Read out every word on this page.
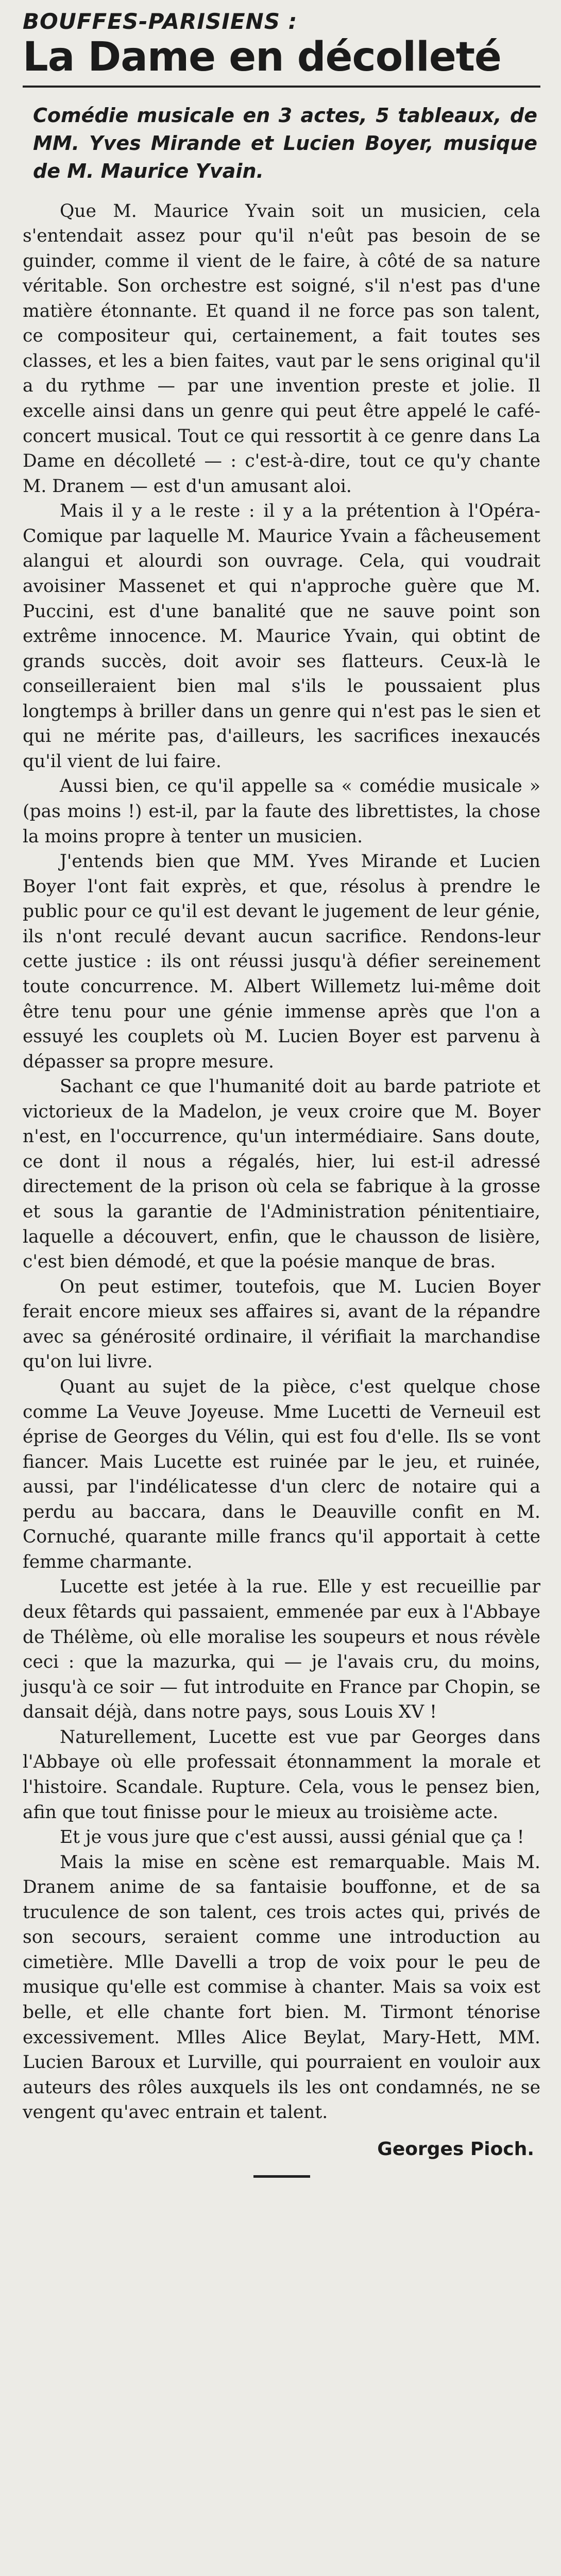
BOUFFES-PARISIENS :
La Dame en décolleté
Comédie musicale en 3 actes, 5 tableaux, de MM. Yves Mirande et Lucien Boyer, musique de M. Maurice Yvain.

Que M. Maurice Yvain soit un musicien, cela s'entendait assez pour qu'il n'eût pas besoin de se guinder, comme il vient de le faire, à côté de sa nature véritable. Son orchestre est soigné, s'il n'est pas d'une matière étonnante. Et quand il ne force pas son talent, ce compositeur qui, certainement, a fait toutes ses classes, et les a bien faites, vaut par le sens original qu'il a du rythme — par une invention preste et jolie. Il excelle ainsi dans un genre qui peut être appelé le café-concert musical. Tout ce qui ressortit à ce genre dans La Dame en décolleté — : c'est-à-dire, tout ce qu'y chante M. Dranem — est d'un amusant aloi.

Mais il y a le reste : il y a la prétention à l'Opéra-Comique par laquelle M. Maurice Yvain a fâcheusement alangui et alourdi son ouvrage. Cela, qui voudrait avoisiner Massenet et qui n'approche guère que M. Puccini, est d'une banalité que ne sauve point son extrême innocence. M. Maurice Yvain, qui obtint de grands succès, doit avoir ses flatteurs. Ceux-là le conseilleraient bien mal s'ils le poussaient plus longtemps à briller dans un genre qui n'est pas le sien et qui ne mérite pas, d'ailleurs, les sacrifices inexaucés qu'il vient de lui faire.

Aussi bien, ce qu'il appelle sa « comédie musicale » (pas moins !) est-il, par la faute des librettistes, la chose la moins propre à tenter un musicien.

J'entends bien que MM. Yves Mirande et Lucien Boyer l'ont fait exprès, et que, résolus à prendre le public pour ce qu'il est devant le jugement de leur génie, ils n'ont reculé devant aucun sacrifice. Rendons-leur cette justice : ils ont réussi jusqu'à défier sereinement toute concurrence. M. Albert Willemetz lui-même doit être tenu pour une génie immense après que l'on a essuyé les couplets où M. Lucien Boyer est parvenu à dépasser sa propre mesure.

Sachant ce que l'humanité doit au barde patriote et victorieux de la Madelon, je veux croire que M. Boyer n'est, en l'occurrence, qu'un intermédiaire. Sans doute, ce dont il nous a régalés, hier, lui est-il adressé directement de la prison où cela se fabrique à la grosse et sous la garantie de l'Administration pénitentiaire, laquelle a découvert, enfin, que le chausson de lisière, c'est bien démodé, et que la poésie manque de bras.

On peut estimer, toutefois, que M. Lucien Boyer ferait encore mieux ses affaires si, avant de la répandre avec sa générosité ordinaire, il vérifiait la marchandise qu'on lui livre.

Quant au sujet de la pièce, c'est quelque chose comme La Veuve Joyeuse. Mme Lucetti de Verneuil est éprise de Georges du Vélin, qui est fou d'elle. Ils se vont fiancer. Mais Lucette est ruinée par le jeu, et ruinée, aussi, par l'indélicatesse d'un clerc de notaire qui a perdu au baccara, dans le Deauville confit en M. Cornuché, quarante mille francs qu'il apportait à cette femme charmante.

Lucette est jetée à la rue. Elle y est recueillie par deux fêtards qui passaient, emmenée par eux à l'Abbaye de Thélème, où elle moralise les soupeurs et nous révèle ceci : que la mazurka, qui — je l'avais cru, du moins, jusqu'à ce soir — fut introduite en France par Chopin, se dansait déjà, dans notre pays, sous Louis XV !

Naturellement, Lucette est vue par Georges dans l'Abbaye où elle professait étonnamment la morale et l'histoire. Scandale. Rupture. Cela, vous le pensez bien, afin que tout finisse pour le mieux au troisième acte.

Et je vous jure que c'est aussi, aussi génial que ça !

Mais la mise en scène est remarquable. Mais M. Dranem anime de sa fantaisie bouffonne, et de sa truculence de son talent, ces trois actes qui, privés de son secours, seraient comme une introduction au cimetière. Mlle Davelli a trop de voix pour le peu de musique qu'elle est commise à chanter. Mais sa voix est belle, et elle chante fort bien. M. Tirmont ténorise excessivement. Mlles Alice Beylat, Mary-Hett, MM. Lucien Baroux et Lurville, qui pourraient en vouloir aux auteurs des rôles auxquels ils les ont condamnés, ne se vengent qu'avec entrain et talent.

Georges Pioch.
